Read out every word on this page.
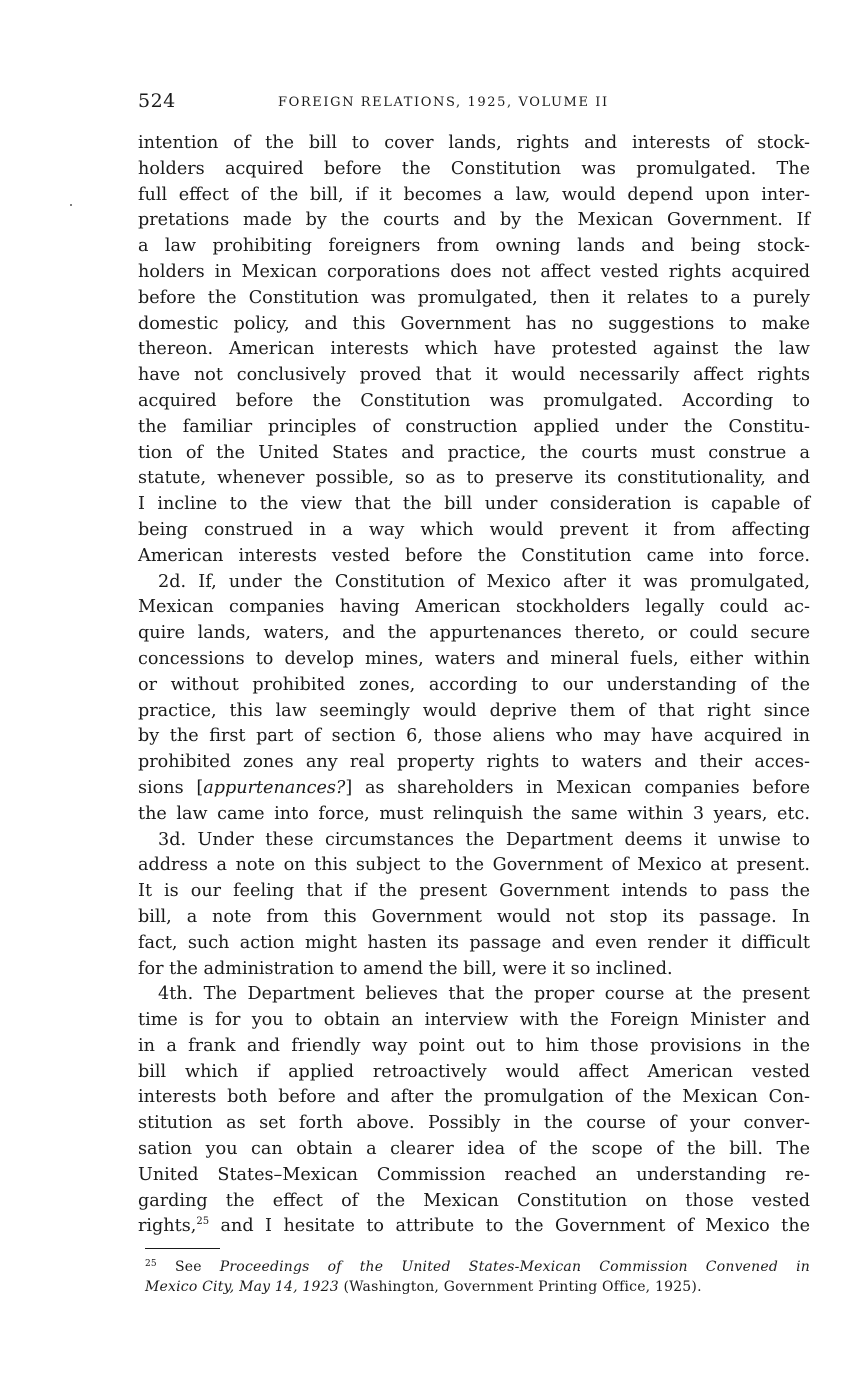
524	FOREIGN RELATIONS, 1925, VOLUME II
intention of the bill to cover lands, rights and interests of stock-
holders acquired before the Constitution was promulgated. The
full effect of the bill, if it becomes a law, would depend upon inter-
pretations made by the courts and by the Mexican Government. If
a law prohibiting foreigners from owning lands and being stock-
holders in Mexican corporations does not affect vested rights acquired
before the Constitution was promulgated, then it relates to a purely
domestic policy, and this Government has no suggestions to make
thereon. American interests which have protested against the law
have not conclusively proved that it would necessarily affect rights
acquired before the Constitution was promulgated. According to
the familiar principles of construction applied under the Constitu-
tion of the United States and practice, the courts must construe a
statute, whenever possible, so as to preserve its constitutionality, and
I incline to the view that the bill under consideration is capable of
being construed in a way which would prevent it from affecting
American interests vested before the Constitution came into force.
2d. If, under the Constitution of Mexico after it was promulgated,
Mexican companies having American stockholders legally could ac-
quire lands, waters, and the appurtenances thereto, or could secure
concessions to develop mines, waters and mineral fuels, either within
or without prohibited zones, according to our understanding of the
practice, this law seemingly would deprive them of that right since
by the first part of section 6, those aliens who may have acquired in
prohibited zones any real property rights to waters and their acces-
sions [appurtenances?] as shareholders in Mexican companies before
the law came into force, must relinquish the same within 3 years, etc.
3d. Under these circumstances the Department deems it unwise to
address a note on this subject to the Government of Mexico at present.
It is our feeling that if the present Government intends to pass the
bill, a note from this Government would not stop its passage. In
fact, such action might hasten its passage and even render it difficult
for the administration to amend the bill, were it so inclined.
4th. The Department believes that the proper course at the present
time is for you to obtain an interview with the Foreign Minister and
in a frank and friendly way point out to him those provisions in the
bill which if applied retroactively would affect American vested
interests both before and after the promulgation of the Mexican Con-
stitution as set forth above. Possibly in the course of your conver-
sation you can obtain a clearer idea of the scope of the bill. The
United States–Mexican Commission reached an understanding re-
garding the effect of the Mexican Constitution on those vested
rights,$^{25}$ and I hesitate to attribute to the Government of Mexico the
$^{25}$ See Proceedings of the United States-Mexican Commission Convened in
Mexico City, May 14, 1923 (Washington, Government Printing Office, 1925).
